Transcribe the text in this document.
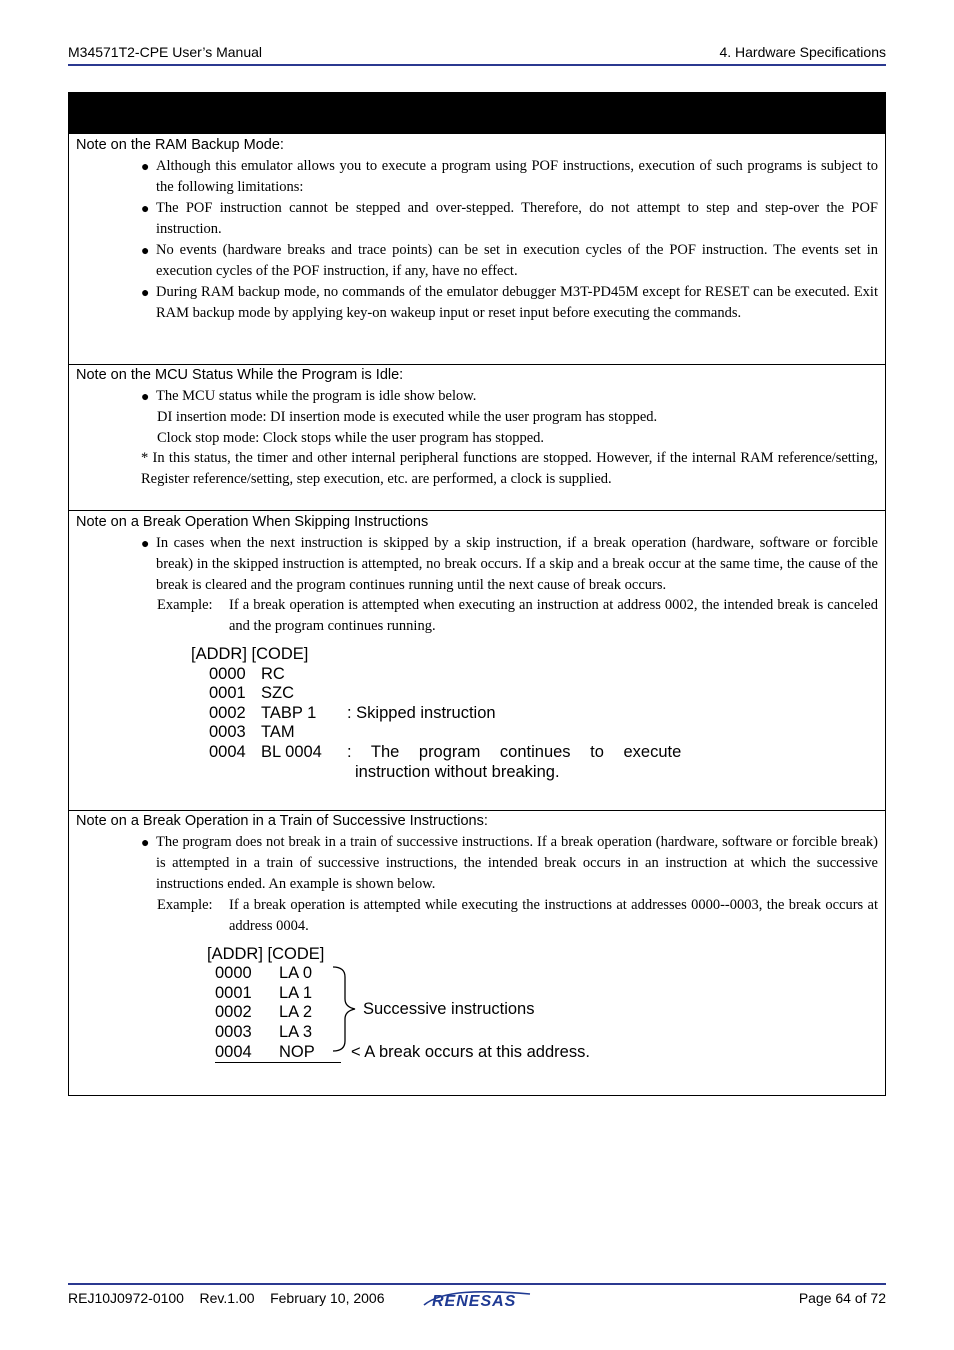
M34571T2-CPE User’s Manual	4. Hardware Specifications
Note on the RAM Backup Mode:
● Although this emulator allows you to execute a program using POF instructions, execution of such programs is subject to the following limitations:
● The POF instruction cannot be stepped and over-stepped. Therefore, do not attempt to step and step-over the POF instruction.
● No events (hardware breaks and trace points) can be set in execution cycles of the POF instruction. The events set in execution cycles of the POF instruction, if any, have no effect.
● During RAM backup mode, no commands of the emulator debugger M3T-PD45M except for RESET can be executed. Exit RAM backup mode by applying key-on wakeup input or reset input before executing the commands.
Note on the MCU Status While the Program is Idle:
● The MCU status while the program is idle show below.
DI insertion mode: DI insertion mode is executed while the user program has stopped.
Clock stop mode: Clock stops while the user program has stopped.
* In this status, the timer and other internal peripheral functions are stopped. However, if the internal RAM reference/setting, Register reference/setting, step execution, etc. are performed, a clock is supplied.
Note on a Break Operation When Skipping Instructions
● In cases when the next instruction is skipped by a skip instruction, if a break operation (hardware, software or forcible break) in the skipped instruction is attempted, no break occurs. If a skip and a break occur at the same time, the cause of the break is cleared and the program continues running until the next cause of break occurs.
Example: If a break operation is attempted when executing an instruction at address 0002, the intended break is canceled and the program continues running.
[ADDR] [CODE]
0000 RC
0001 SZC
0002 TABP 1 : Skipped instruction
0003 TAM
0004 BL 0004 : The program continues to execute
instruction without breaking.
Note on a Break Operation in a Train of Successive Instructions:
● The program does not break in a train of successive instructions. If a break operation (hardware, software or forcible break) is attempted in a train of successive instructions, the intended break occurs in an instruction at which the successive instructions ended. An example is shown below.
Example: If a break operation is attempted while executing the instructions at addresses 0000--0003, the break occurs at address 0004.
[ADDR] [CODE]
0000 LA 0
0001 LA 1
0002 LA 2
0003 LA 3
0004 NOP
Successive instructions
< A break occurs at this address.
REJ10J0972-0100    Rev.1.00    February 10, 2006	RENESAS	Page 64 of 72
